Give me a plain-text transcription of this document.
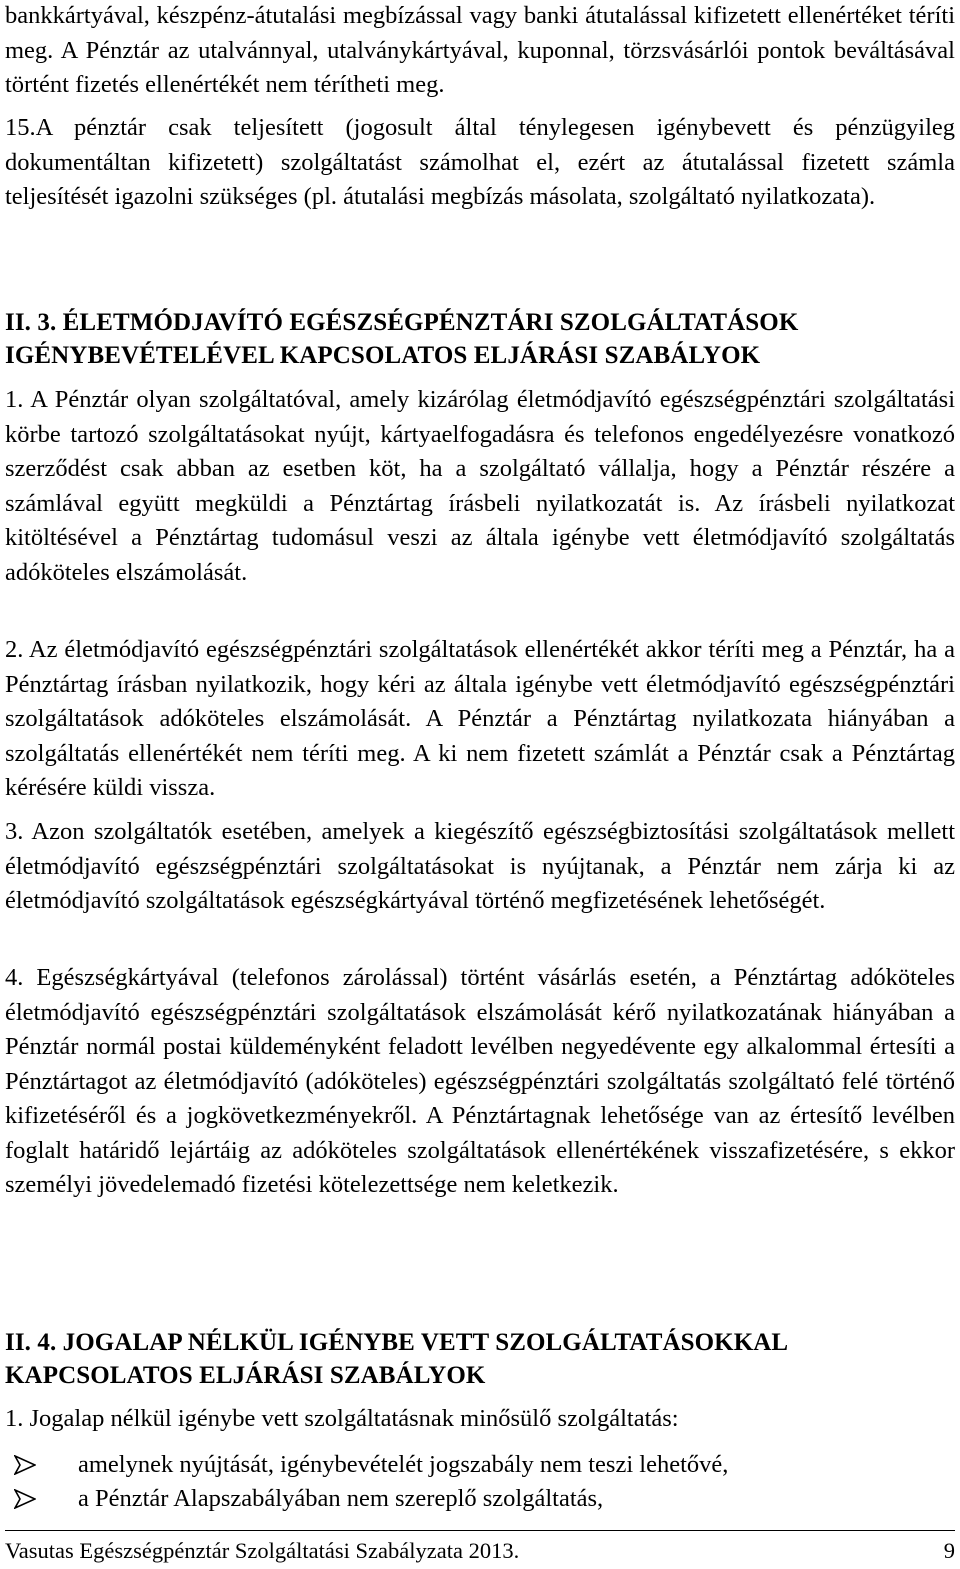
bankkártyával, készpénz-átutalási megbízással vagy banki átutalással kifizetett ellenértéket téríti meg. A Pénztár az utalvánnyal, utalványkártyával, kuponnal, törzsvásárlói pontok beváltásával történt fizetés ellenértékét nem térítheti meg.

15.A pénztár csak teljesített (jogosult által ténylegesen igénybevett és pénzügyileg dokumentáltan kifizetett) szolgáltatást számolhat el, ezért az átutalással fizetett számla teljesítését igazolni szükséges (pl. átutalási megbízás másolata, szolgáltató nyilatkozata).

II. 3. ÉLETMÓDJAVÍTÓ EGÉSZSÉGPÉNZTÁRI SZOLGÁLTATÁSOK IGÉNYBEVÉTELÉVEL KAPCSOLATOS ELJÁRÁSI SZABÁLYOK

1. A Pénztár olyan szolgáltatóval, amely kizárólag életmódjavító egészségpénztári szolgáltatási körbe tartozó szolgáltatásokat nyújt, kártyaelfogadásra és telefonos engedélyezésre vonatkozó szerződést csak abban az esetben köt, ha a szolgáltató vállalja, hogy a Pénztár részére a számlával együtt megküldi a Pénztártag írásbeli nyilatkozatát is. Az írásbeli nyilatkozat kitöltésével a Pénztártag tudomásul veszi az általa igénybe vett életmódjavító szolgáltatás adóköteles elszámolását.

2. Az életmódjavító egészségpénztári szolgáltatások ellenértékét akkor téríti meg a Pénztár, ha a Pénztártag írásban nyilatkozik, hogy kéri az általa igénybe vett életmódjavító egészségpénztári szolgáltatások adóköteles elszámolását. A Pénztár a Pénztártag nyilatkozata hiányában a szolgáltatás ellenértékét nem téríti meg. A ki nem fizetett számlát a Pénztár csak a Pénztártag kérésére küldi vissza.

3. Azon szolgáltatók esetében, amelyek a kiegészítő egészségbiztosítási szolgáltatások mellett életmódjavító egészségpénztári szolgáltatásokat is nyújtanak, a Pénztár nem zárja ki az életmódjavító szolgáltatások egészségkártyával történő megfizetésének lehetőségét.

4. Egészségkártyával (telefonos zárolással) történt vásárlás esetén, a Pénztártag adóköteles életmódjavító egészségpénztári szolgáltatások elszámolását kérő nyilatkozatának hiányában a Pénztár normál postai küldeményként feladott levélben negyedévente egy alkalommal értesíti a Pénztártagot az életmódjavító (adóköteles) egészségpénztári szolgáltatás szolgáltató felé történő kifizetéséről és a jogkövetkezményekről. A Pénztártagnak lehetősége van az értesítő levélben foglalt határidő lejártáig az adóköteles szolgáltatások ellenértékének visszafizetésére, s ekkor személyi jövedelemadó fizetési kötelezettsége nem keletkezik.

II. 4. JOGALAP NÉLKÜL IGÉNYBE VETT SZOLGÁLTATÁSOKKAL KAPCSOLATOS ELJÁRÁSI SZABÁLYOK

1. Jogalap nélkül igénybe vett szolgáltatásnak minősülő szolgáltatás:

amelynek nyújtását, igénybevételét jogszabály nem teszi lehetővé,
a Pénztár Alapszabályában nem szereplő szolgáltatás,
Vasutas Egészségpénztár Szolgáltatási Szabályzata 2013.	9
